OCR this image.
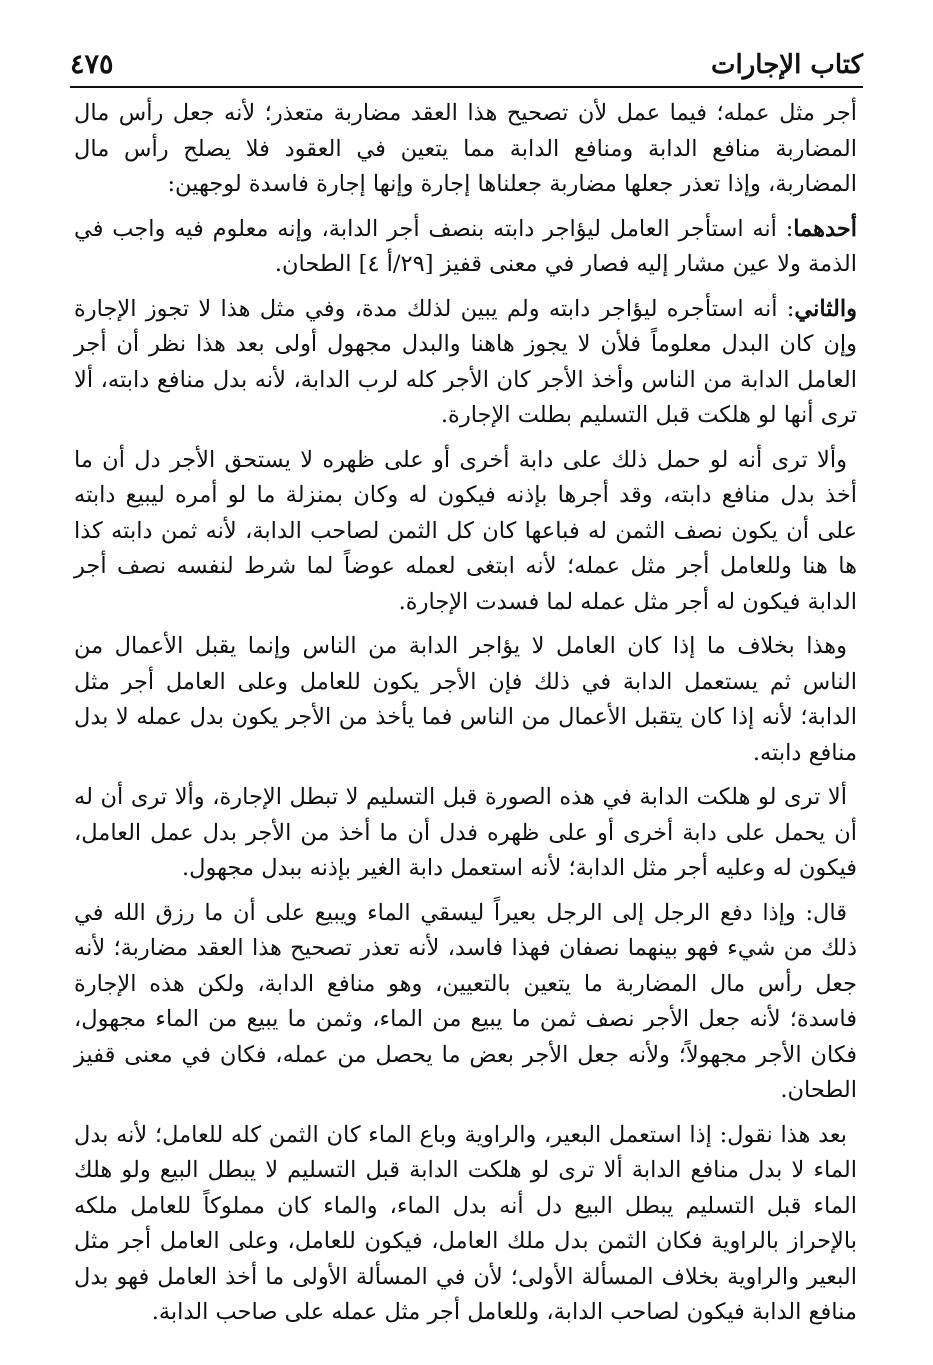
كتاب الإجارات
٤٧٥

أجر مثل عمله؛ فيما عمل لأن تصحيح هذا العقد مضاربة متعذر؛ لأنه جعل رأس مال المضاربة منافع الدابة ومنافع الدابة مما يتعين في العقود فلا يصلح رأس مال المضاربة، وإذا تعذر جعلها مضاربة جعلناها إجارة وإنها إجارة فاسدة لوجهين:

أحدهما: أنه استأجر العامل ليؤاجر دابته بنصف أجر الدابة، وإنه معلوم فيه واجب في الذمة ولا عين مشار إليه فصار في معنى قفيز [٢٩/أ ٤] الطحان.

والثاني: أنه استأجره ليؤاجر دابته ولم يبين لذلك مدة، وفي مثل هذا لا تجوز الإجارة وإن كان البدل معلوماً فلأن لا يجوز هاهنا والبدل مجهول أولى بعد هذا نظر أن أجر العامل الدابة من الناس وأخذ الأجر كان الأجر كله لرب الدابة، لأنه بدل منافع دابته، ألا ترى أنها لو هلكت قبل التسليم بطلت الإجارة.

وألا ترى أنه لو حمل ذلك على دابة أخرى أو على ظهره لا يستحق الأجر دل أن ما أخذ بدل منافع دابته، وقد أجرها بإذنه فيكون له وكان بمنزلة ما لو أمره ليبيع دابته على أن يكون نصف الثمن له فباعها كان كل الثمن لصاحب الدابة، لأنه ثمن دابته كذا ها هنا وللعامل أجر مثل عمله؛ لأنه ابتغى لعمله عوضاً لما شرط لنفسه نصف أجر الدابة فيكون له أجر مثل عمله لما فسدت الإجارة.

وهذا بخلاف ما إذا كان العامل لا يؤاجر الدابة من الناس وإنما يقبل الأعمال من الناس ثم يستعمل الدابة في ذلك فإن الأجر يكون للعامل وعلى العامل أجر مثل الدابة؛ لأنه إذا كان يتقبل الأعمال من الناس فما يأخذ من الأجر يكون بدل عمله لا بدل منافع دابته.

ألا ترى لو هلكت الدابة في هذه الصورة قبل التسليم لا تبطل الإجارة، وألا ترى أن له أن يحمل على دابة أخرى أو على ظهره فدل أن ما أخذ من الأجر بدل عمل العامل، فيكون له وعليه أجر مثل الدابة؛ لأنه استعمل دابة الغير بإذنه ببدل مجهول.

قال: وإذا دفع الرجل إلى الرجل بعيراً ليسقي الماء ويبيع على أن ما رزق الله في ذلك من شيء فهو بينهما نصفان فهذا فاسد، لأنه تعذر تصحيح هذا العقد مضاربة؛ لأنه جعل رأس مال المضاربة ما يتعين بالتعيين، وهو منافع الدابة، ولكن هذه الإجارة فاسدة؛ لأنه جعل الأجر نصف ثمن ما يبيع من الماء، وثمن ما يبيع من الماء مجهول، فكان الأجر مجهولاً؛ ولأنه جعل الأجر بعض ما يحصل من عمله، فكان في معنى قفيز الطحان.

بعد هذا نقول: إذا استعمل البعير، والراوية وباع الماء كان الثمن كله للعامل؛ لأنه بدل الماء لا بدل منافع الدابة ألا ترى لو هلكت الدابة قبل التسليم لا يبطل البيع ولو هلك الماء قبل التسليم يبطل البيع دل أنه بدل الماء، والماء كان مملوكاً للعامل ملكه بالإحراز بالراوية فكان الثمن بدل ملك العامل، فيكون للعامل، وعلى العامل أجر مثل البعير والراوية بخلاف المسألة الأولى؛ لأن في المسألة الأولى ما أخذ العامل فهو بدل منافع الدابة فيكون لصاحب الدابة، وللعامل أجر مثل عمله على صاحب الدابة.
